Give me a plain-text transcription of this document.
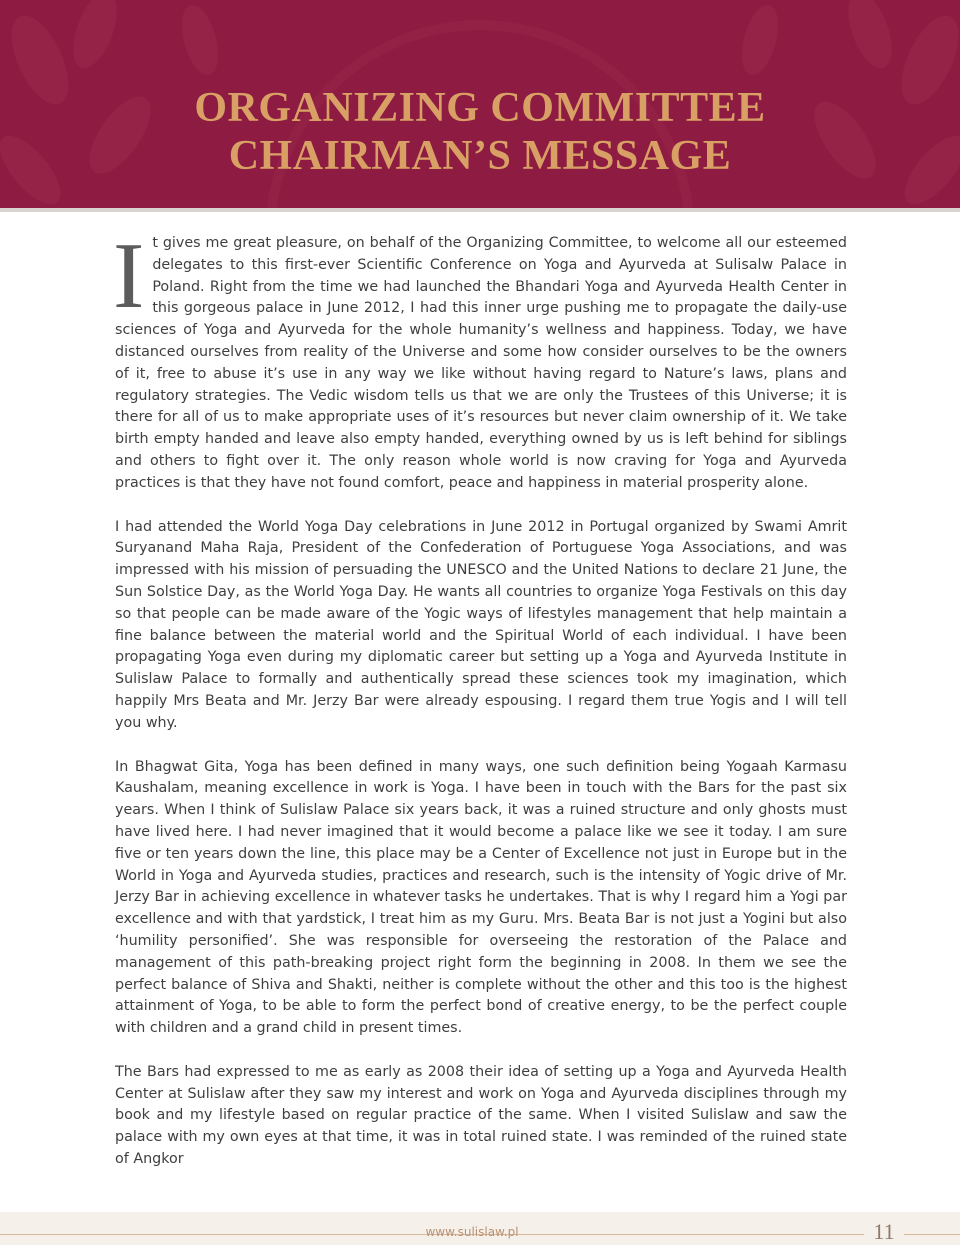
ORGANIZING COMMITTEE
CHAIRMAN’S MESSAGE

It gives me great pleasure, on behalf of the Organizing Committee, to welcome all our esteemed delegates to this first-ever Scientific Conference on Yoga and Ayurveda at Sulisalw Palace in Poland. Right from the time we had launched the Bhandari Yoga and Ayurveda Health Center in this gorgeous palace in June 2012, I had this inner urge pushing me to propagate the daily-use sciences of Yoga and Ayurveda for the whole humanity’s wellness and happiness. Today, we have distanced ourselves from reality of the Universe and some how consider ourselves to be the owners of it, free to abuse it’s use in any way we like without having regard to Nature’s laws, plans and regulatory strategies. The Vedic wisdom tells us that we are only the Trustees of this Universe; it is there for all of us to make appropriate uses of it’s resources but never claim ownership of it. We take birth empty handed and leave also empty handed, everything owned by us is left behind for siblings and others to fight over it. The only reason whole world is now craving for Yoga and Ayurveda practices is that they have not found comfort, peace and happiness in material prosperity alone.

I had attended the World Yoga Day celebrations in June 2012 in Portugal organized by Swami Amrit Suryanand Maha Raja, President of the Confederation of Portuguese Yoga Associations, and was impressed with his mission of persuading the UNESCO and the United Nations to declare 21 June, the Sun Solstice Day, as the World Yoga Day. He wants all countries to organize Yoga Festivals on this day so that people can be made aware of the Yogic ways of lifestyles management that help maintain a fine balance between the material world and the Spiritual World of each individual. I have been propagating Yoga even during my diplomatic career but setting up a Yoga and Ayurveda Institute in Sulislaw Palace to formally and authentically spread these sciences took my imagination, which happily Mrs Beata and Mr. Jerzy Bar were already espousing. I regard them true Yogis and I will tell you why.

In Bhagwat Gita, Yoga has been defined in many ways, one such definition being Yogaah Karmasu Kaushalam, meaning excellence in work is Yoga. I have been in touch with the Bars for the past six years. When I think of Sulislaw Palace six years back, it was a ruined structure and only ghosts must have lived here. I had never imagined that it would become a palace like we see it today. I am sure five or ten years down the line, this place may be a Center of Excellence not just in Europe but in the World in Yoga and Ayurveda studies, practices and research, such is the intensity of Yogic drive of Mr. Jerzy Bar in achieving excellence in whatever tasks he undertakes. That is why I regard him a Yogi par excellence and with that yardstick, I treat him as my Guru. Mrs. Beata Bar is not just a Yogini but also ‘humility personified’. She was responsible for overseeing the restoration of the Palace and management of this path-breaking project right form the beginning in 2008. In them we see the perfect balance of Shiva and Shakti, neither is complete without the other and this too is the highest attainment of Yoga, to be able to form the perfect bond of creative energy, to be the perfect couple with children and a grand child in present times.

The Bars had expressed to me as early as 2008 their idea of setting up a Yoga and Ayurveda Health Center at Sulislaw after they saw my interest and work on Yoga and Ayurveda disciplines through my book and my lifestyle based on regular practice of the same. When I visited Sulislaw and saw the palace with my own eyes at that time, it was in total ruined state. I was reminded of the ruined state of Angkor

www.sulislaw.pl	11
